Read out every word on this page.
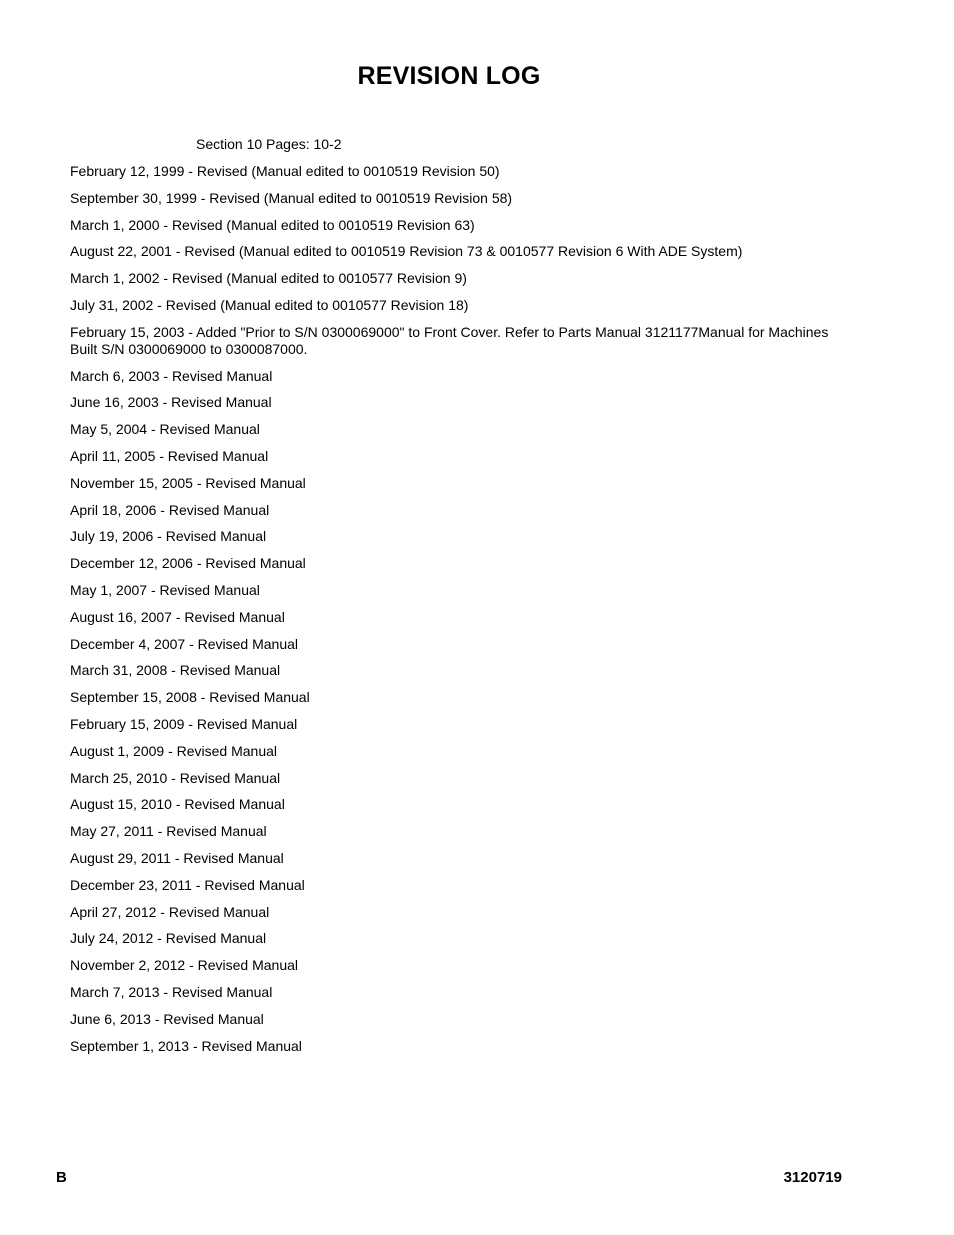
REVISION LOG
Section 10 Pages: 10-2
February 12, 1999 - Revised (Manual edited to 0010519 Revision 50)
September 30, 1999 - Revised (Manual edited to 0010519 Revision 58)
March 1, 2000 - Revised (Manual edited to 0010519 Revision 63)
August 22, 2001 - Revised (Manual edited to 0010519 Revision 73 & 0010577 Revision 6 With ADE System)
March 1, 2002 - Revised (Manual edited to 0010577 Revision 9)
July 31, 2002 - Revised (Manual edited to 0010577 Revision 18)
February 15, 2003 - Added "Prior to S/N 0300069000" to Front Cover. Refer to Parts Manual 3121177Manual for Machines Built S/N 0300069000 to 0300087000.
March 6, 2003 - Revised Manual
June 16, 2003 - Revised Manual
May 5, 2004 - Revised Manual
April 11, 2005 - Revised Manual
November 15, 2005 - Revised Manual
April 18, 2006 - Revised Manual
July 19, 2006 - Revised Manual
December 12, 2006 - Revised Manual
May 1, 2007 - Revised Manual
August 16, 2007 - Revised Manual
December 4, 2007 - Revised Manual
March 31, 2008 - Revised Manual
September 15, 2008 - Revised Manual
February 15, 2009 - Revised Manual
August 1, 2009 - Revised Manual
March 25, 2010 - Revised Manual
August 15, 2010 - Revised Manual
May 27, 2011 - Revised Manual
August 29, 2011 - Revised Manual
December 23, 2011 - Revised Manual
April 27, 2012 - Revised Manual
July 24, 2012 - Revised Manual
November 2, 2012 - Revised Manual
March 7, 2013 - Revised Manual
June 6, 2013 - Revised Manual
September 1, 2013 - Revised Manual
B	3120719
